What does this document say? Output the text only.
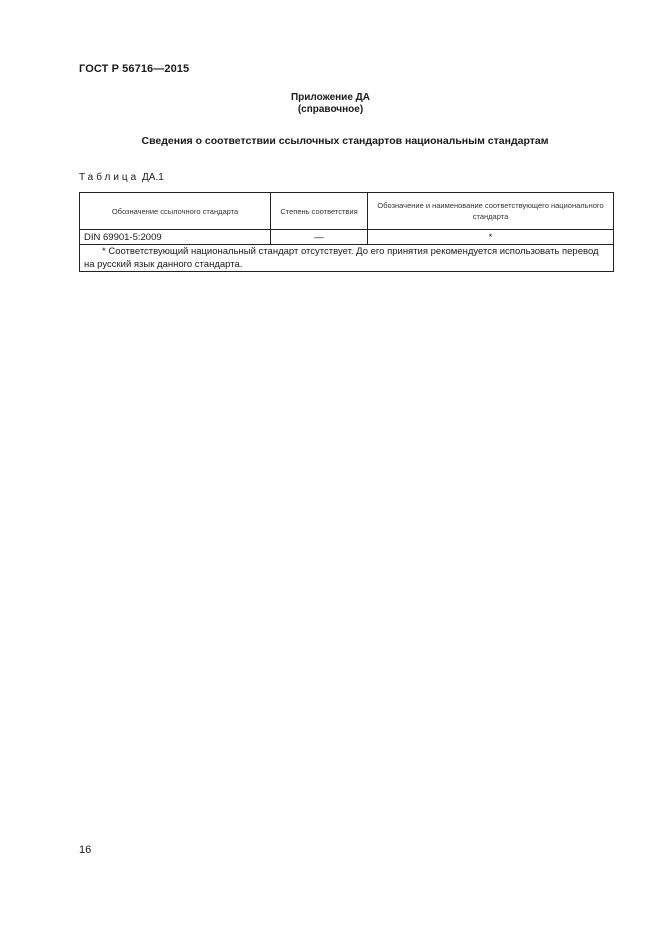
ГОСТ Р 56716—2015
Приложение ДА
(справочное)
Сведения о соответствии ссылочных стандартов национальным стандартам
Таблица ДА.1
Обозначение ссылочного стандарта	Степень соответствия	Обозначение и наименование соответствующего национального стандарта
DIN 69901-5:2009	—	*
* Соответствующий национальный стандарт отсутствует. До его принятия рекомендуется использовать перевод на русский язык данного стандарта.		
16
